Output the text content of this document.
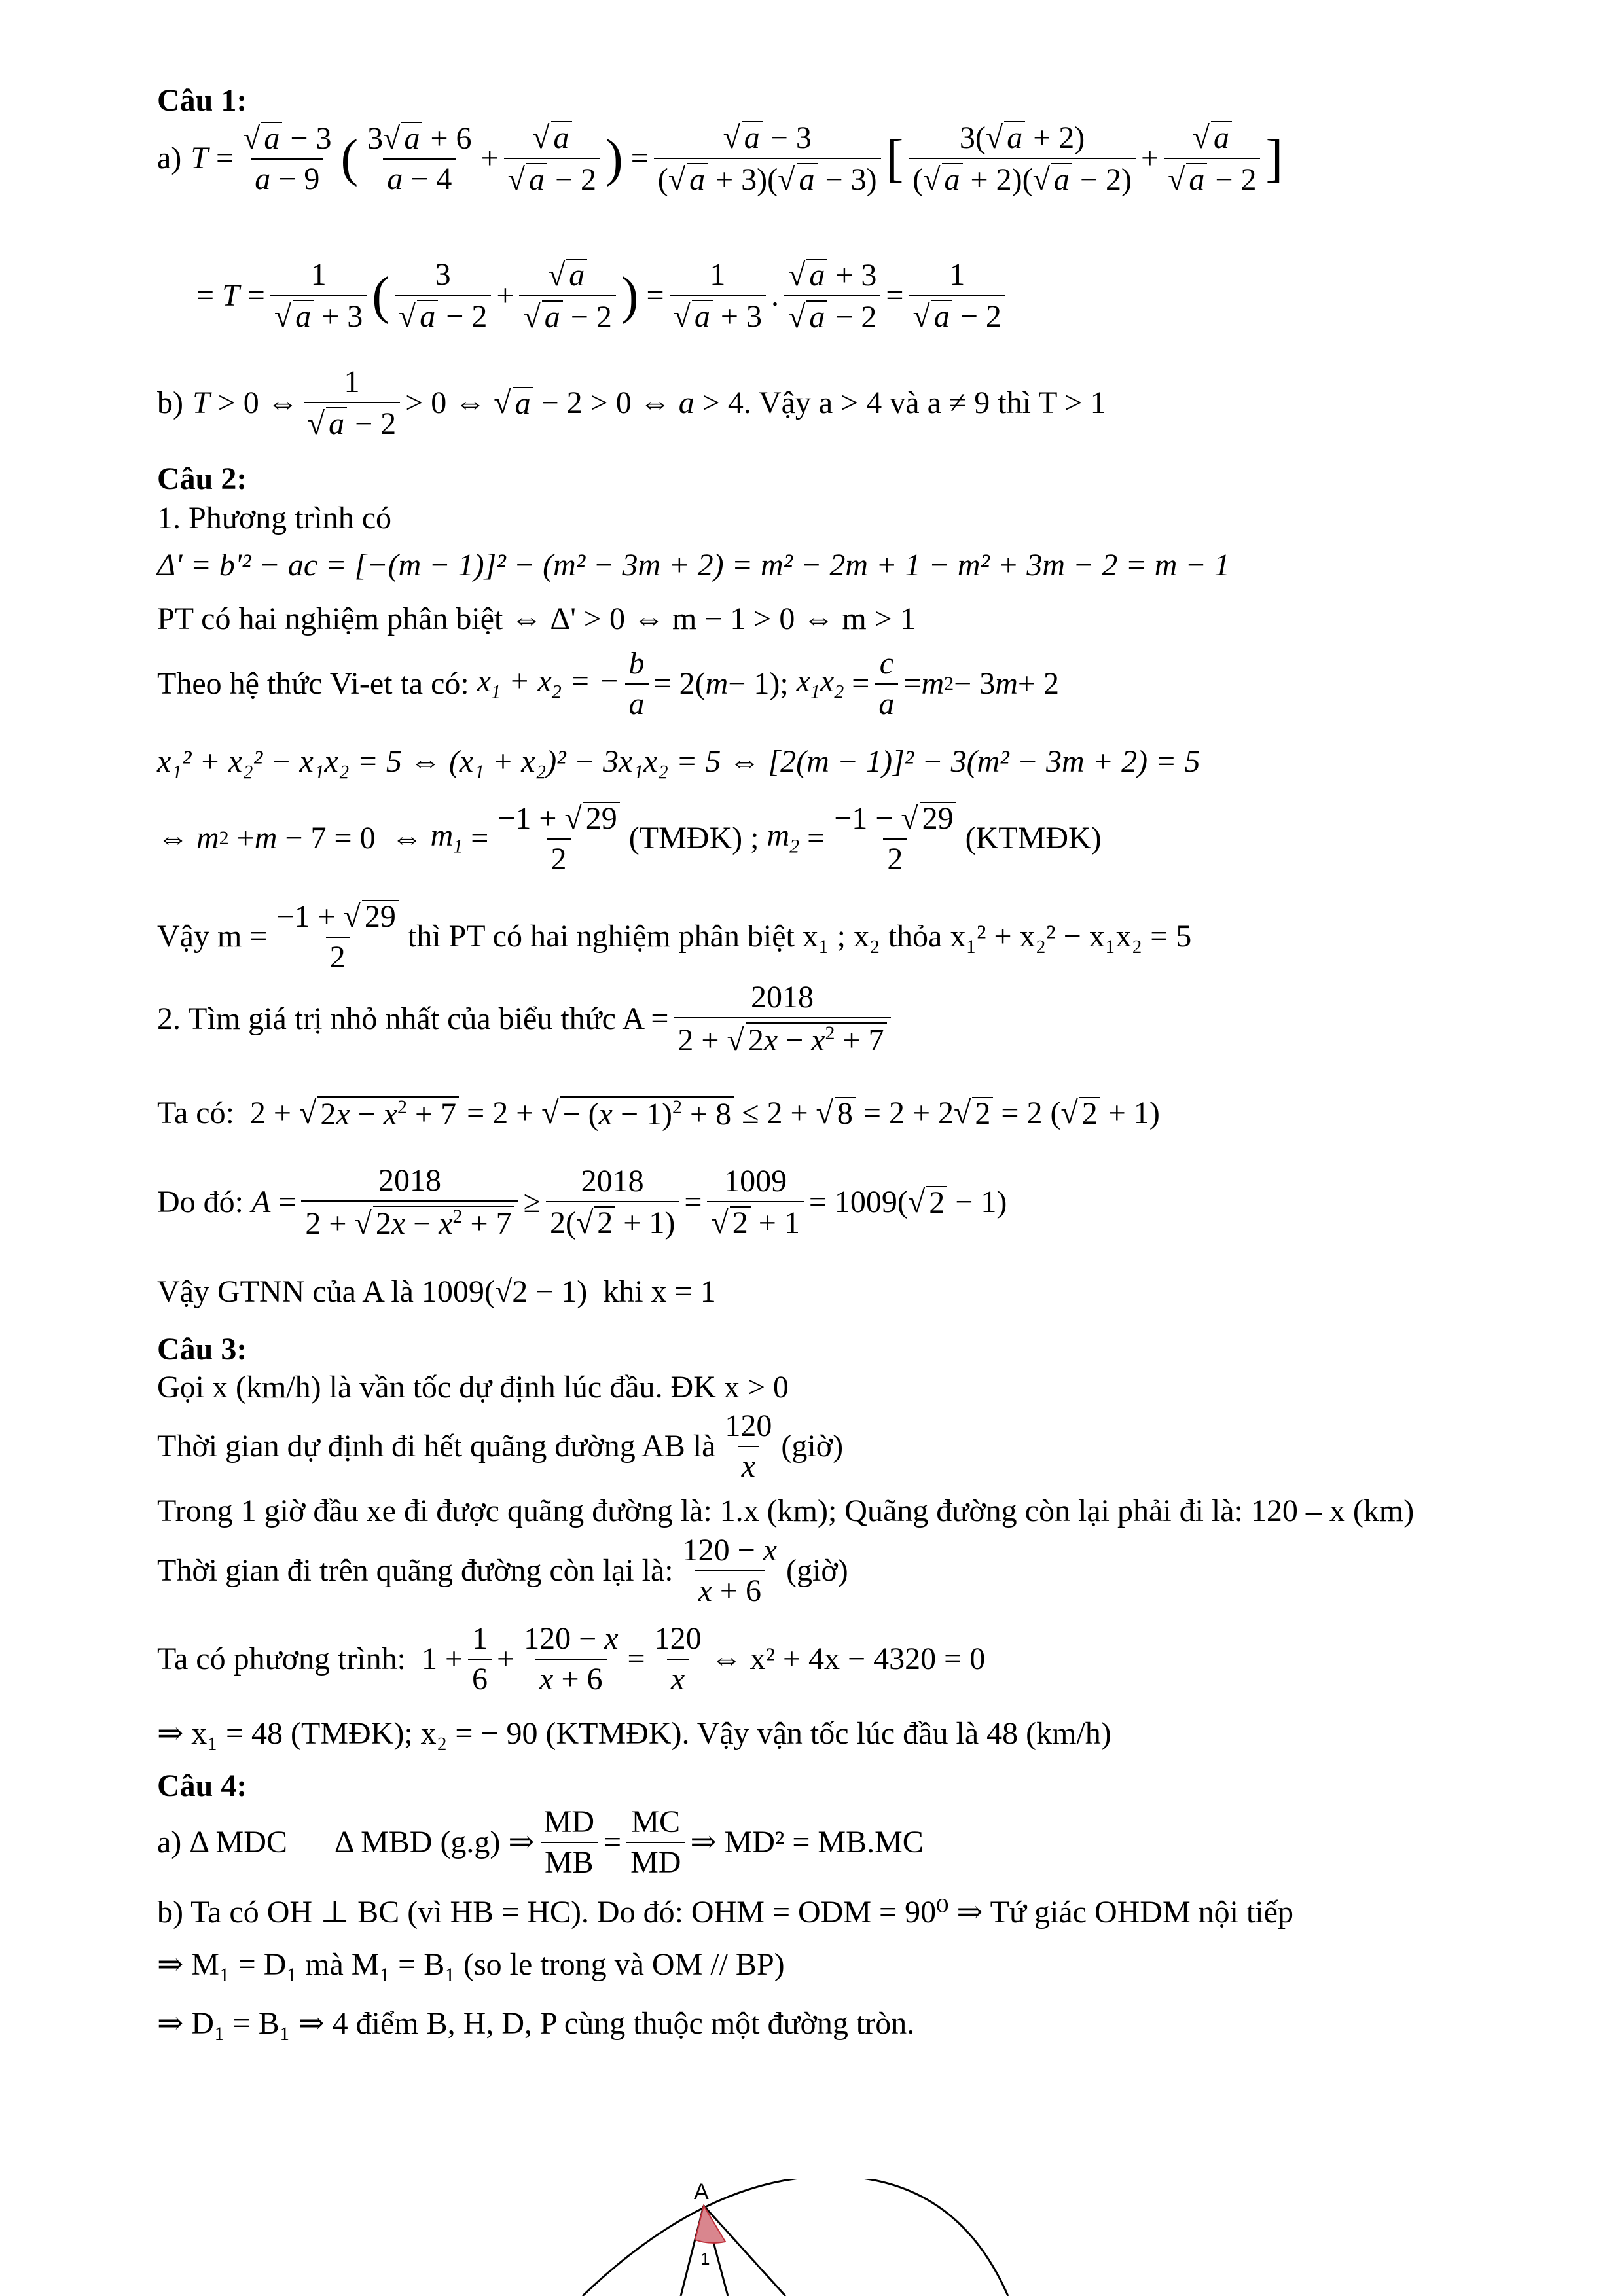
Câu 1:
a) $T = \frac{√ a - 3}{a - 9}$ ( $\frac{3√ a + 6}{a - 4} + \frac{√ a}{√ a - 2}$ ) = $\frac{√ a - 3}{(√ a + 3)(√ a - 3)}$ [ $\frac{3(√ a + 2)}{(√ a + 2)(√ a - 2)} + \frac{√ a}{√ a - 2}$ ]
= $T = \frac{1}{√ a + 3}$ ( $\frac{3}{√ a - 2} + \frac{√ a}{√ a - 2}$ ) = $\frac{1}{√ a + 3}$ . $\frac{√ a + 3}{√ a - 2} = \frac{1}{√ a - 2}$
b) T > 0 ⇔ $\frac{1}{√ a - 2} > 0$ ⇔ √ a − 2 > 0 ⇔ a > 4 . Vậy a > 4 và a ≠ 9 thì T > 1
Câu 2:
1. Phương trình có
Δ' = b'² − ac = [−(m − 1)]² − (m² − 3m + 2) = m² − 2m + 1 − m² + 3m − 2 = m − 1
PT có hai nghiệm phân biệt ⇔ Δ' > 0 ⇔ m − 1 > 0 ⇔ m > 1
Theo hệ thức Vi-et ta có:
$x_1 + x_2$ = − $\frac{b}{a} = 2$( m − 1); $x_1x_2 = \frac{c}{a} = m$ 2 − 3 m + 2
x₁² + x₂² − x₁x₂ = 5 ⇔ (x₁ + x₂)² − 3x₁x₂ = 5 ⇔ [2(m − 1)]² − 3(m² − 3m + 2) = 5
⇔ m 2 + m − 7 = 0  ⇔ $m_1 = \frac{-1 + √ 29}{2}$ (TMĐK) ;
$m_2 = \frac{-1 - √ 29}{2}$ (KTMĐK)
Vậy $m = \frac{-1 + √ 29}{2}$ thì PT có hai nghiệm phân biệt x₁ ; x₂ thỏa x₁² + x₂² − x₁x₂ = 5
2. Tìm giá trị nhỏ nhất của biểu thức $A = \frac{2018}{2 + √ 2x - x^2 + 7}$
Ta có: 2 + √ $2x - x^2 + 7 = 2$ + √ − $(x - 1)^2 + 8 \le 2$ + √ 8 = 2 + 2√ 2 = 2 (√ 2 + 1)
Do đó:
$A = \frac{2018}{2 + √ 2x - x^2 + 7} \ge \frac{2018}{2(√ 2 + 1)} = \frac{1009}{√ 2 + 1} = 1009(√$ 2 − 1)
Vậy GTNN của A là 1009(√2 − 1)
khi x = 1
Câu 3:
Gọi x (km/h) là vần tốc dự định lúc đầu. ĐK x > 0
Thời gian dự định đi hết quãng đường AB là $\frac{120}{x}$ (giờ)
Trong 1 giờ đầu xe đi được quãng đường là: 1.x (km); Quãng đường còn lại phải đi là: 120 – x (km)
Thời gian đi trên quãng đường còn lại là: $\frac{120 - x}{x + 6}$ (giờ)
Ta có phương trình: $1 + \frac{1}{6} + \frac{120 - x}{x + 6} = \frac{120}{x}$ ⇔ x² + 4x − 4320 = 0
⇒ x₁ = 48 (TMĐK); x₂ = − 90 (KTMĐK). Vậy vận tốc lúc đầu là 48 (km/h)
Câu 4:
a) Δ MDC      Δ MBD (g.g) ⇒ $\frac{MD}{MB} = \frac{MC}{MD}$ ⇒ MD² = MB.MC
b) Ta có OH ⊥ BC (vì HB = HC). Do đó: OHM = ODM = 90⁰ ⇒ Tứ giác OHDM nội tiếp
⇒ M₁ = D₁ mà M₁ = B₁ (so le trong và OM // BP)
⇒ D₁ = B₁ ⇒ 4 điểm B, H, D, P cùng thuộc một đường tròn.
A
1
